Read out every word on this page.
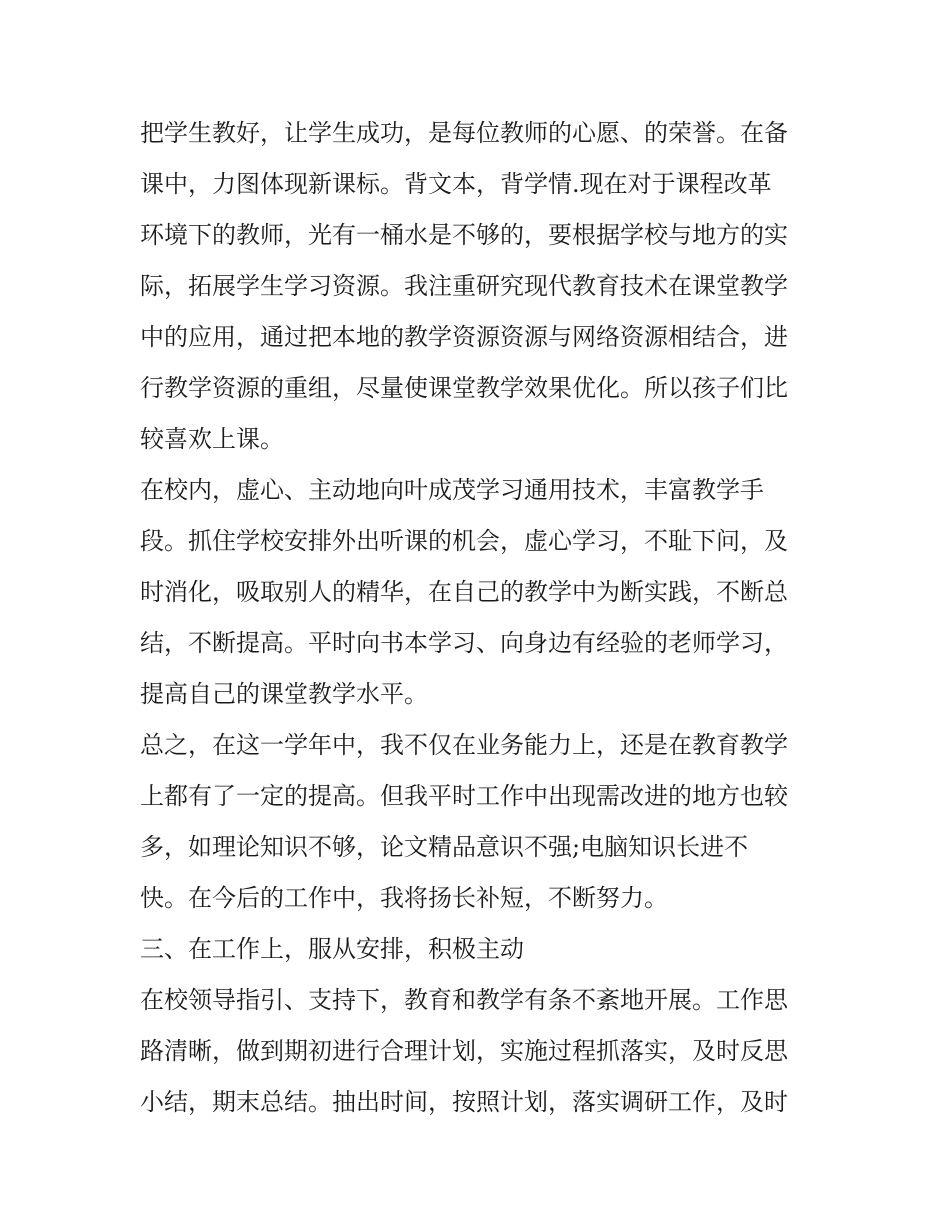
把学生教好，让学生成功，是每位教师的心愿、的荣誉。在备
课中，力图体现新课标。背文本，背学情.现在对于课程改革
环境下的教师，光有一桶水是不够的，要根据学校与地方的实
际，拓展学生学习资源。我注重研究现代教育技术在课堂教学
中的应用，通过把本地的教学资源资源与网络资源相结合，进
行教学资源的重组，尽量使课堂教学效果优化。所以孩子们比
较喜欢上课。
在校内，虚心、主动地向叶成茂学习通用技术，丰富教学手
段。抓住学校安排外出听课的机会，虚心学习，不耻下问，及
时消化，吸取别人的精华，在自己的教学中为断实践，不断总
结，不断提高。平时向书本学习、向身边有经验的老师学习，
提高自己的课堂教学水平。
总之，在这一学年中，我不仅在业务能力上，还是在教育教学
上都有了一定的提高。但我平时工作中出现需改进的地方也较
多，如理论知识不够，论文精品意识不强;电脑知识长进不
快。在今后的工作中，我将扬长补短，不断努力。
三、在工作上，服从安排，积极主动
在校领导指引、支持下，教育和教学有条不紊地开展。工作思
路清晰，做到期初进行合理计划，实施过程抓落实，及时反思
小结，期末总结。抽出时间，按照计划，落实调研工作，及时
